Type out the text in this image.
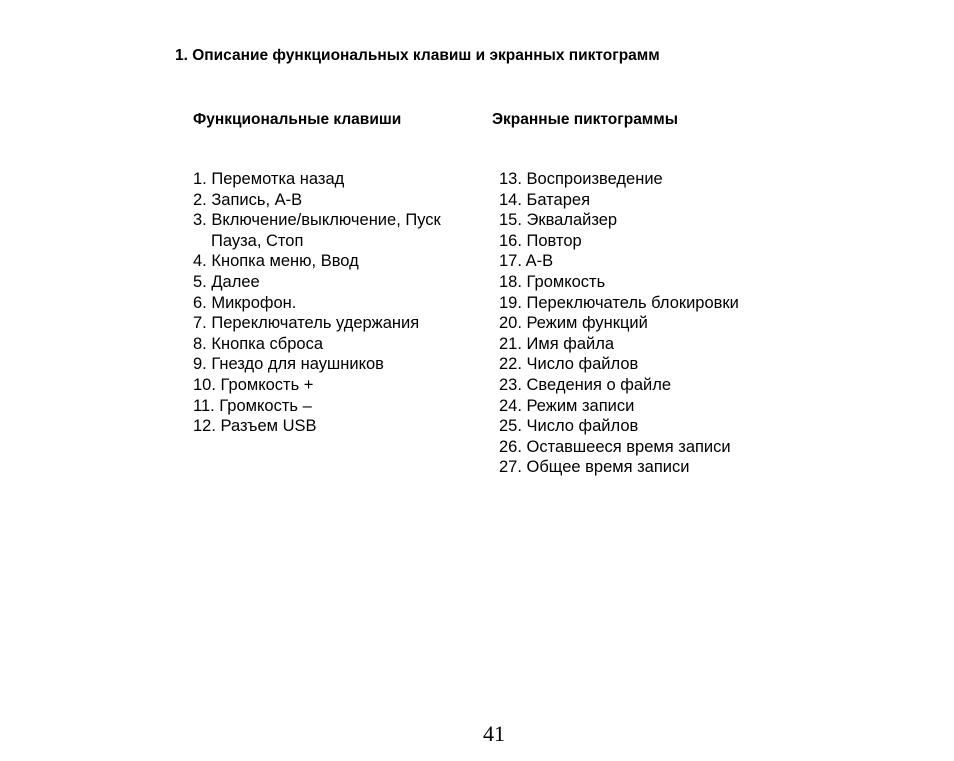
1. Описание функциональных клавиш и экранных пиктограмм
Функциональные клавиши	Экранные пиктограммы
1. Перемотка назад
2. Запись, A-B
3. Включение/выключение, Пуск
Пауза, Стоп
4. Кнопка меню, Ввод
5. Далее
6. Микрофон.
7. Переключатель удержания
8. Кнопка сброса
9. Гнездо для наушников
10. Громкость +
11. Громкость –
12. Разъем USB
13. Воспроизведение
14. Батарея
15. Эквалайзер
16. Повтор
17. A-B
18. Громкость
19. Переключатель блокировки
20. Режим функций
21. Имя файла
22. Число файлов
23. Сведения о файле
24. Режим записи
25. Число файлов
26. Оставшееся время записи
27. Общее время записи
41
